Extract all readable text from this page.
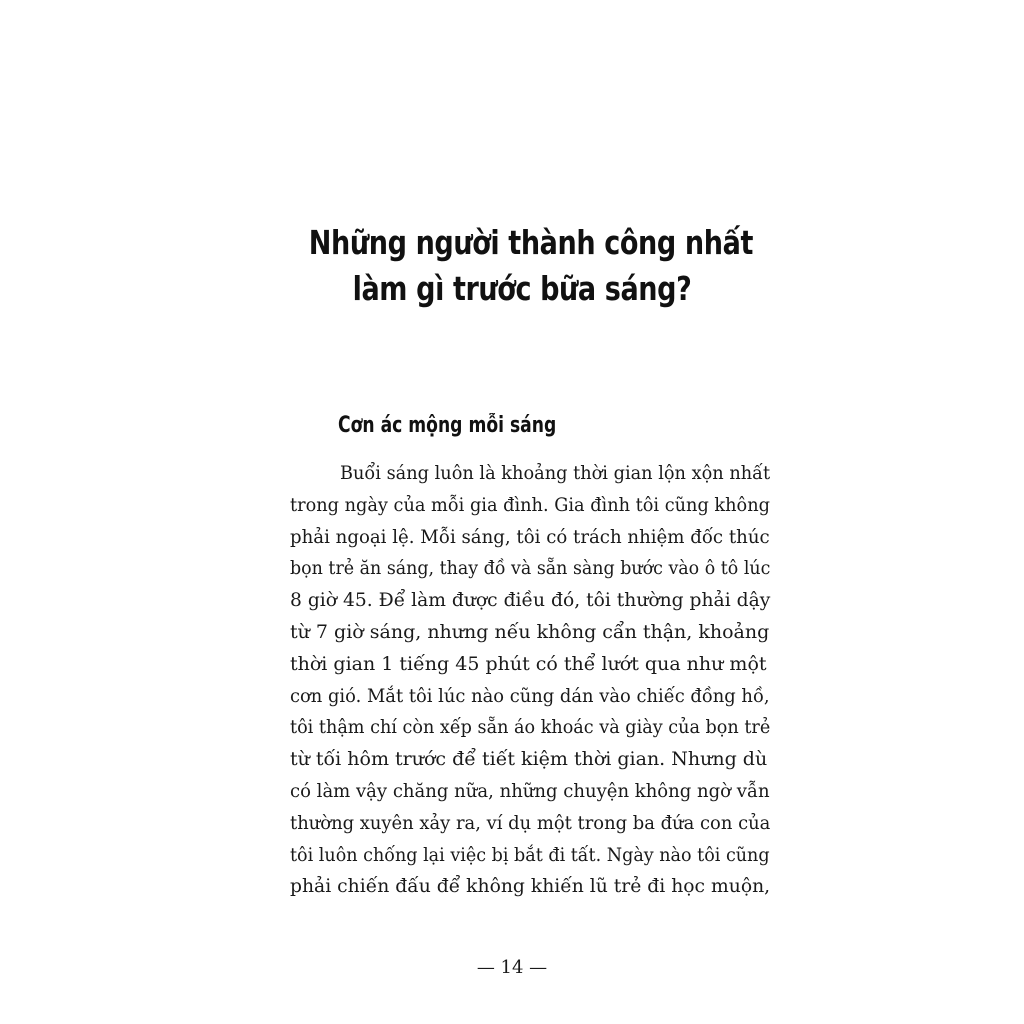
Những người thành công nhất
làm gì trước bữa sáng?
Cơn ác mộng mỗi sáng

Buổi sáng luôn là khoảng thời gian lộn xộn nhất
trong ngày của mỗi gia đình. Gia đình tôi cũng không
phải ngoại lệ. Mỗi sáng, tôi có trách nhiệm đốc thúc
bọn trẻ ăn sáng, thay đồ và sẵn sàng bước vào ô tô lúc
8 giờ 45. Để làm được điều đó, tôi thường phải dậy
từ 7 giờ sáng, nhưng nếu không cẩn thận, khoảng
thời gian 1 tiếng 45 phút có thể lướt qua như một
cơn gió. Mắt tôi lúc nào cũng dán vào chiếc đồng hồ,
tôi thậm chí còn xếp sẵn áo khoác và giày của bọn trẻ
từ tối hôm trước để tiết kiệm thời gian. Nhưng dù
có làm vậy chăng nữa, những chuyện không ngờ vẫn
thường xuyên xảy ra, ví dụ một trong ba đứa con của
tôi luôn chống lại việc bị bắt đi tất. Ngày nào tôi cũng
phải chiến đấu để không khiến lũ trẻ đi học muộn,

— 14 —
